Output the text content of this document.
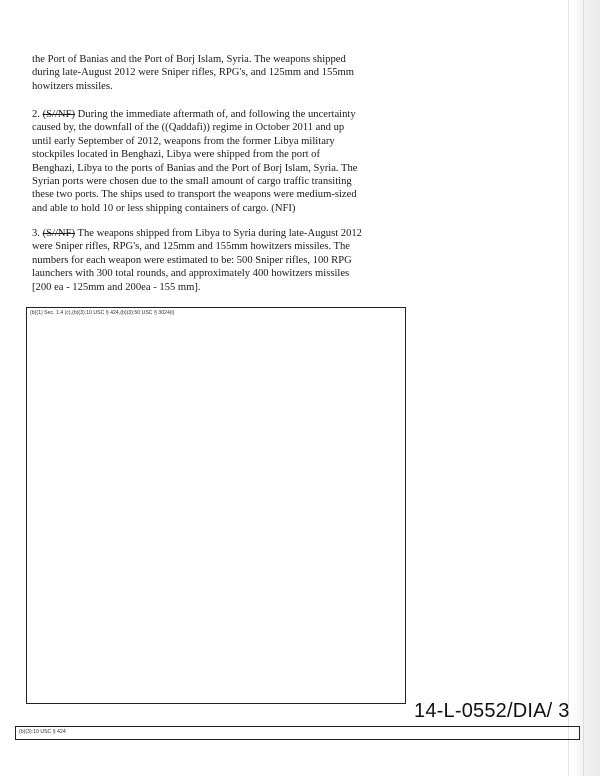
the Port of Banias and the Port of Borj Islam, Syria. The weapons shipped during late-August 2012 were Sniper rifles, RPG's, and 125mm and 155mm howitzers missiles.
2. (S//NF) During the immediate aftermath of, and following the uncertainty caused by, the downfall of the ((Qaddafi)) regime in October 2011 and up until early September of 2012, weapons from the former Libya military stockpiles located in Benghazi, Libya were shipped from the port of Benghazi, Libya to the ports of Banias and the Port of Borj Islam, Syria. The Syrian ports were chosen due to the small amount of cargo traffic transiting these two ports. The ships used to transport the weapons were medium-sized and able to hold 10 or less shipping containers of cargo. (NFI)
3. (S//NF) The weapons shipped from Libya to Syria during late-August 2012 were Sniper rifles, RPG's, and 125mm and 155mm howitzers missiles. The numbers for each weapon were estimated to be: 500 Sniper rifles, 100 RPG launchers with 300 total rounds, and approximately 400 howitzers missiles [200 ea - 125mm and 200ea - 155 mm].
(b)(1) Sec. 1.4 (c),(b)(3):10 USC § 424,(b)(3):50 USC § 3024(i)
14-L-0552/DIA/ 3
(b)(3):10 USC § 424
